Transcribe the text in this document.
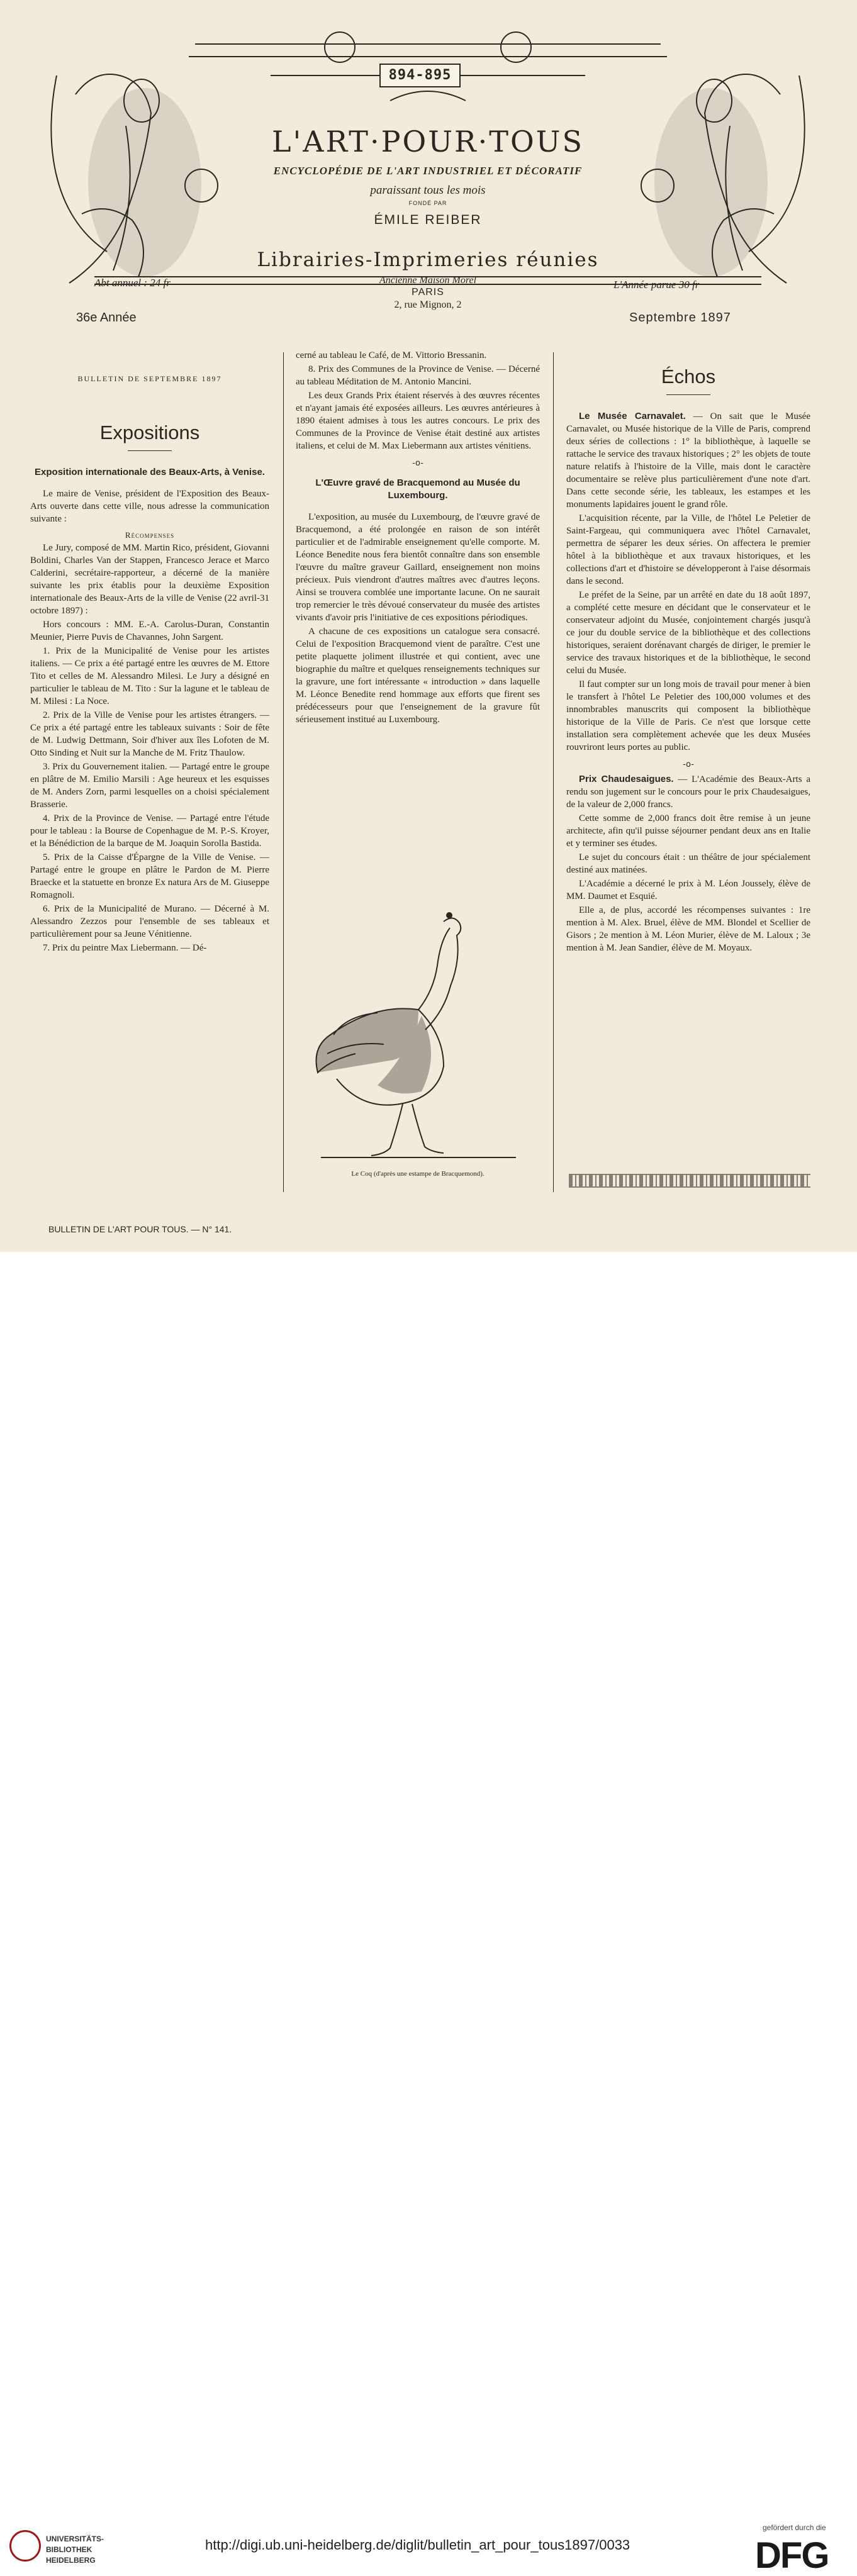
894-895
L'ART·POUR·TOUS
ENCYCLOPÉDIE DE L'ART INDUSTRIEL ET DÉCORATIF
paraissant tous les mois
FONDÉ PAR
ÉMILE REIBER
Librairies-Imprimeries réunies
Ancienne Maison Morel
PARIS
2, rue Mignon, 2
Abt annuel : 24 fr	L'Année parue 30 fr
36e Année	Septembre 1897
BULLETIN DE SEPTEMBRE 1897
Expositions
Exposition internationale des Beaux-Arts, à Venise.

Le maire de Venise, président de l'Exposition des Beaux-Arts ouverte dans cette ville, nous adresse la communication suivante :

Récompenses

Le Jury, composé de MM. Martin Rico, président, Giovanni Boldini, Charles Van der Stappen, Francesco Jerace et Marco Calderini, secrétaire-rapporteur, a décerné de la manière suivante les prix établis pour la deuxième Exposition internationale des Beaux-Arts de la ville de Venise (22 avril-31 octobre 1897) :

Hors concours : MM. E.-A. Carolus-Duran, Constantin Meunier, Pierre Puvis de Chavannes, John Sargent.

1. Prix de la Municipalité de Venise pour les artistes italiens. — Ce prix a été partagé entre les œuvres de M. Ettore Tito et celles de M. Alessandro Milesi. Le Jury a désigné en particulier le tableau de M. Tito : Sur la lagune et le tableau de M. Milesi : La Noce.

2. Prix de la Ville de Venise pour les artistes étrangers. — Ce prix a été partagé entre les tableaux suivants : Soir de fête de M. Ludwig Dettmann, Soir d'hiver aux îles Lofoten de M. Otto Sinding et Nuit sur la Manche de M. Fritz Thaulow.

3. Prix du Gouvernement italien. — Partagé entre le groupe en plâtre de M. Emilio Marsili : Age heureux et les esquisses de M. Anders Zorn, parmi lesquelles on a choisi spécialement Brasserie.

4. Prix de la Province de Venise. — Partagé entre l'étude pour le tableau : la Bourse de Copenhague de M. P.-S. Kroyer, et la Bénédiction de la barque de M. Joaquin Sorolla Bastida.

5. Prix de la Caisse d'Épargne de la Ville de Venise. — Partagé entre le groupe en plâtre le Pardon de M. Pierre Braecke et la statuette en bronze Ex natura Ars de M. Giuseppe Romagnoli.

6. Prix de la Municipalité de Murano. — Décerné à M. Alessandro Zezzos pour l'ensemble de ses tableaux et particulièrement pour sa Jeune Vénitienne.

7. Prix du peintre Max Liebermann. — Dé-

cerné au tableau le Café, de M. Vittorio Bressanin.

8. Prix des Communes de la Province de Venise. — Décerné au tableau Méditation de M. Antonio Mancini.

Les deux Grands Prix étaient réservés à des œuvres récentes et n'ayant jamais été exposées ailleurs. Les œuvres antérieures à 1890 étaient admises à tous les autres concours. Le prix des Communes de la Province de Venise était destiné aux artistes italiens, et celui de M. Max Liebermann aux artistes vénitiens.

-o-
L'Œuvre gravé de Bracquemond au Musée du Luxembourg.

L'exposition, au musée du Luxembourg, de l'œuvre gravé de Bracquemond, a été prolongée en raison de son intérêt particulier et de l'admirable enseignement qu'elle comporte. M. Léonce Benedite nous fera bientôt connaître dans son ensemble l'œuvre du maître graveur Gaillard, enseignement non moins précieux. Puis viendront d'autres maîtres avec d'autres leçons. Ainsi se trouvera comblée une importante lacune. On ne saurait trop remercier le très dévoué conservateur du musée des artistes vivants d'avoir pris l'initiative de ces expositions périodiques.

A chacune de ces expositions un catalogue sera consacré. Celui de l'exposition Bracquemond vient de paraître. C'est une petite plaquette joliment illustrée et qui contient, avec une biographie du maître et quelques renseignements techniques sur la gravure, une fort intéressante « introduction » dans laquelle M. Léonce Benedite rend hommage aux efforts que firent ses prédécesseurs pour que l'enseignement de la gravure fût sérieusement institué au Luxembourg.

Le Coq (d'après une estampe de Bracquemond).
Échos

Le Musée Carnavalet. — On sait que le Musée Carnavalet, ou Musée historique de la Ville de Paris, comprend deux séries de collections : 1° la bibliothèque, à laquelle se rattache le service des travaux historiques ; 2° les objets de toute nature relatifs à l'histoire de la Ville, mais dont le caractère documentaire se relève plus particulièrement d'une note d'art. Dans cette seconde série, les tableaux, les estampes et les monuments lapidaires jouent le grand rôle.

L'acquisition récente, par la Ville, de l'hôtel Le Peletier de Saint-Fargeau, qui communiquera avec l'hôtel Carnavalet, permettra de séparer les deux séries. On affectera le premier hôtel à la bibliothèque et aux travaux historiques, et les collections d'art et d'histoire se développeront à l'aise désormais dans le second.

Le préfet de la Seine, par un arrêté en date du 18 août 1897, a complété cette mesure en décidant que le conservateur et le conservateur adjoint du Musée, conjointement chargés jusqu'à ce jour du double service de la bibliothèque et des collections historiques, seraient dorénavant chargés de diriger, le premier le service des travaux historiques et de la bibliothèque, le second celui du Musée.

Il faut compter sur un long mois de travail pour mener à bien le transfert à l'hôtel Le Peletier des 100,000 volumes et des innombrables manuscrits qui composent la bibliothèque historique de la Ville de Paris. Ce n'est que lorsque cette installation sera complètement achevée que les deux Musées rouvriront leurs portes au public.

-o-

Prix Chaudesaigues. — L'Académie des Beaux-Arts a rendu son jugement sur le concours pour le prix Chaudesaigues, de la valeur de 2,000 francs.

Cette somme de 2,000 francs doit être remise à un jeune architecte, afin qu'il puisse séjourner pendant deux ans en Italie et y terminer ses études.

Le sujet du concours était : un théâtre de jour spécialement destiné aux matinées.

L'Académie a décerné le prix à M. Léon Jousselу, élève de MM. Daumet et Esquié.

Elle a, de plus, accordé les récompenses suivantes : 1re mention à M. Alex. Bruel, élève de MM. Blondel et Scellier de Gisors ; 2e mention à M. Léon Murier, élève de M. Laloux ; 3e mention à M. Jean Sandier, élève de M. Moyaux.

BULLETIN DE L'ART POUR TOUS. — N° 141.
UNIVERSITÄTS-
BIBLIOTHEK
HEIDELBERG
http://digi.ub.uni-heidelberg.de/diglit/bulletin_art_pour_tous1897/0033
gefördert durch die
DFG
